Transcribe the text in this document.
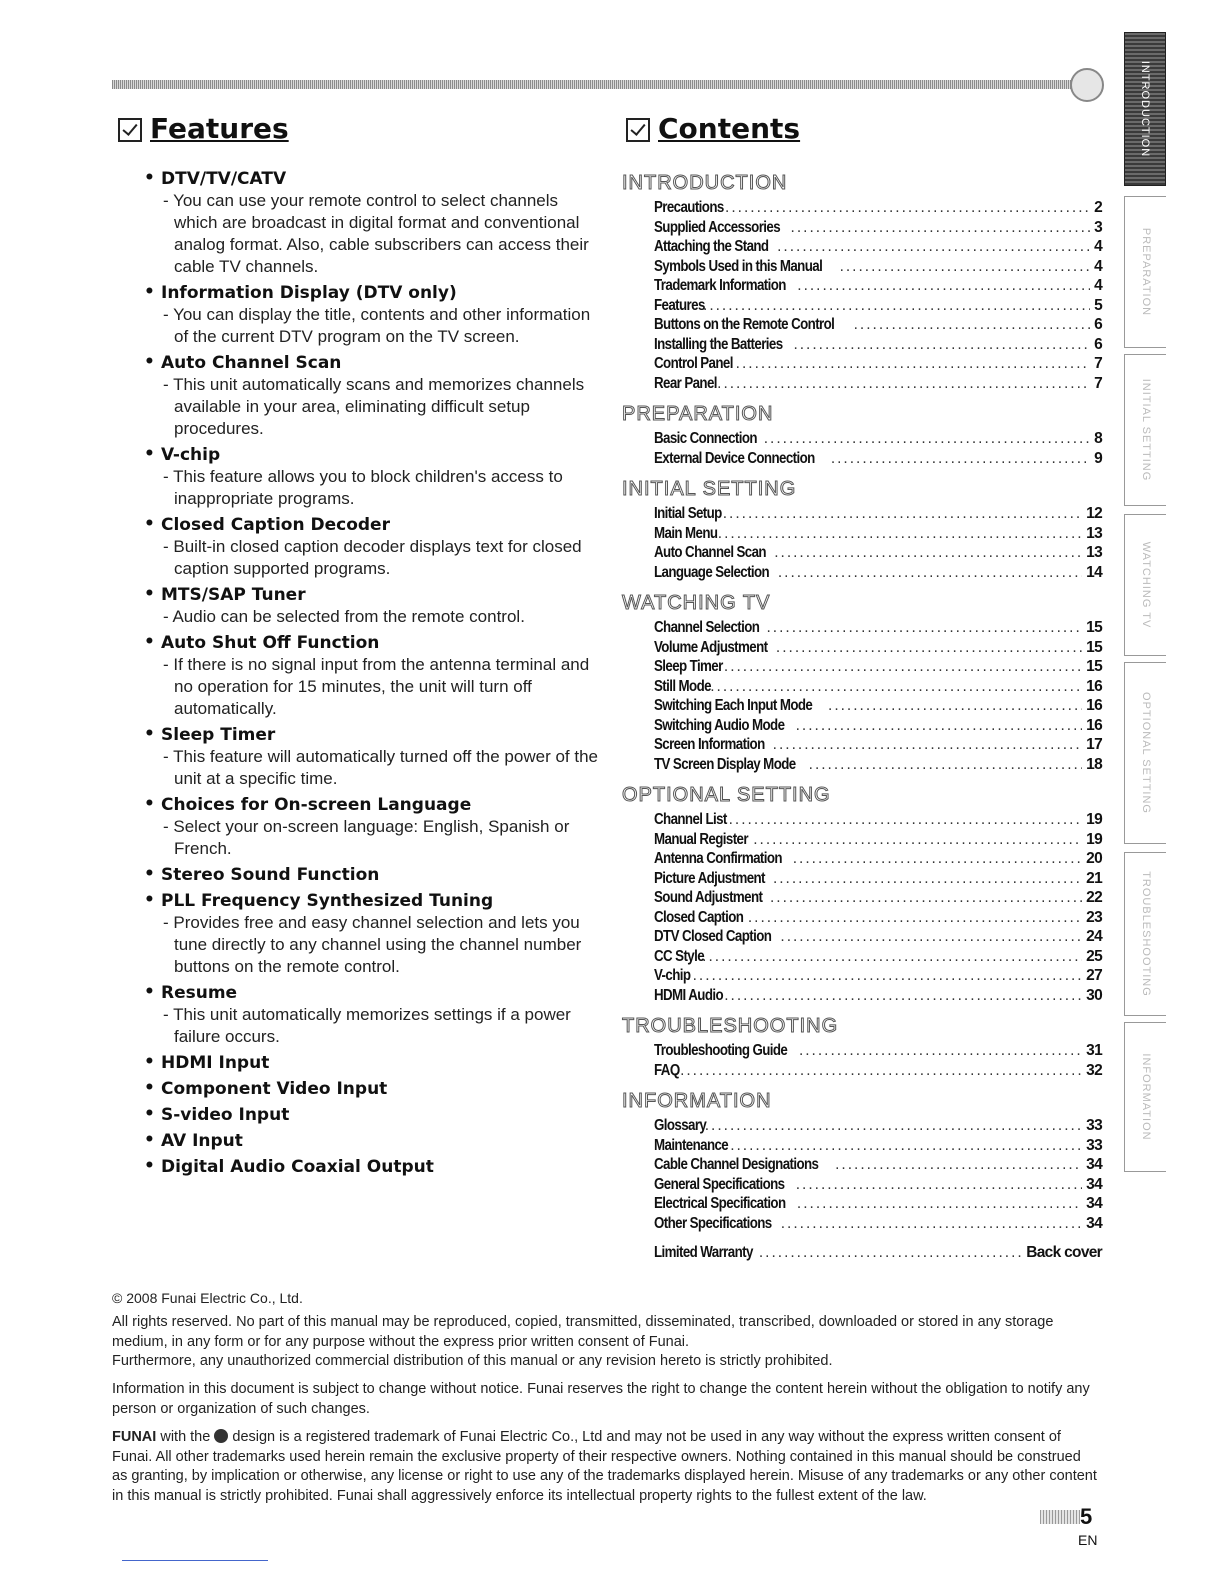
Features
• DTV/TV/CATV
- You can use your remote control to select channels which are broadcast in digital format and conventional analog format. Also, cable subscribers can access their cable TV channels.
• Information Display (DTV only)
- You can display the title, contents and other information of the current DTV program on the TV screen.
• Auto Channel Scan
- This unit automatically scans and memorizes channels available in your area, eliminating difficult setup procedures.
• V-chip
- This feature allows you to block children's access to inappropriate programs.
• Closed Caption Decoder
- Built-in closed caption decoder displays text for closed caption supported programs.
• MTS/SAP Tuner
- Audio can be selected from the remote control.
• Auto Shut Off Function
- If there is no signal input from the antenna terminal and no operation for 15 minutes, the unit will turn off automatically.
• Sleep Timer
- This feature will automatically turned off the power of the unit at a specific time.
• Choices for On-screen Language
- Select your on-screen language: English, Spanish or French.
• Stereo Sound Function
• PLL Frequency Synthesized Tuning
- Provides free and easy channel selection and lets you tune directly to any channel using the channel number buttons on the remote control.
• Resume
- This unit automatically memorizes settings if a power failure occurs.
• HDMI Input
• Component Video Input
• S-video Input
• AV Input
• Digital Audio Coaxial Output
Contents
INTRODUCTION
Precautions .....	2
Supplied Accessories .....	3
Attaching the Stand .....	4
Symbols Used in this Manual .....	4
Trademark Information .....	4
Features .....	5
Buttons on the Remote Control .....	6
Installing the Batteries .....	6
Control Panel .....	7
Rear Panel .....	7
PREPARATION
Basic Connection .....	8
External Device Connection .....	9
INITIAL SETTING
Initial Setup .....	12
Main Menu .....	13
Auto Channel Scan .....	13
Language Selection .....	14
WATCHING TV
Channel Selection .....	15
Volume Adjustment .....	15
Sleep Timer .....	15
Still Mode .....	16
Switching Each Input Mode .....	16
Switching Audio Mode .....	16
Screen Information .....	17
TV Screen Display Mode .....	18
OPTIONAL SETTING
Channel List .....	19
Manual Register .....	19
Antenna Confirmation .....	20
Picture Adjustment .....	21
Sound Adjustment .....	22
Closed Caption .....	23
DTV Closed Caption .....	24
CC Style .....	25
V-chip .....	27
HDMI Audio .....	30
TROUBLESHOOTING
Troubleshooting Guide .....	31
FAQ .....	32
INFORMATION
Glossary .....	33
Maintenance .....	33
Cable Channel Designations .....	34
General Specifications .....	34
Electrical Specification .....	34
Other Specifications .....	34
Limited Warranty .....	Back cover
INTRODUCTION
PREPARATION
INITIAL SETTING
WATCHING TV
OPTIONAL SETTING
TROUBLESHOOTING
INFORMATION
© 2008 Funai Electric Co., Ltd.

All rights reserved. No part of this manual may be reproduced, copied, transmitted, disseminated, transcribed, downloaded or stored in any storage medium, in any form or for any purpose without the express prior written consent of Funai.
Furthermore, any unauthorized commercial distribution of this manual or any revision hereto is strictly prohibited.

Information in this document is subject to change without notice. Funai reserves the right to change the content herein without the obligation to notify any person or organization of such changes.

FUNAI with the design is a registered trademark of Funai Electric Co., Ltd and may not be used in any way without the express written consent of Funai. All other trademarks used herein remain the exclusive property of their respective owners. Nothing contained in this manual should be construed as granting, by implication or otherwise, any license or right to use any of the trademarks displayed herein. Misuse of any trademarks or any other content in this manual is strictly prohibited. Funai shall aggressively enforce its intellectual property rights to the fullest extent of the law.

5
EN
